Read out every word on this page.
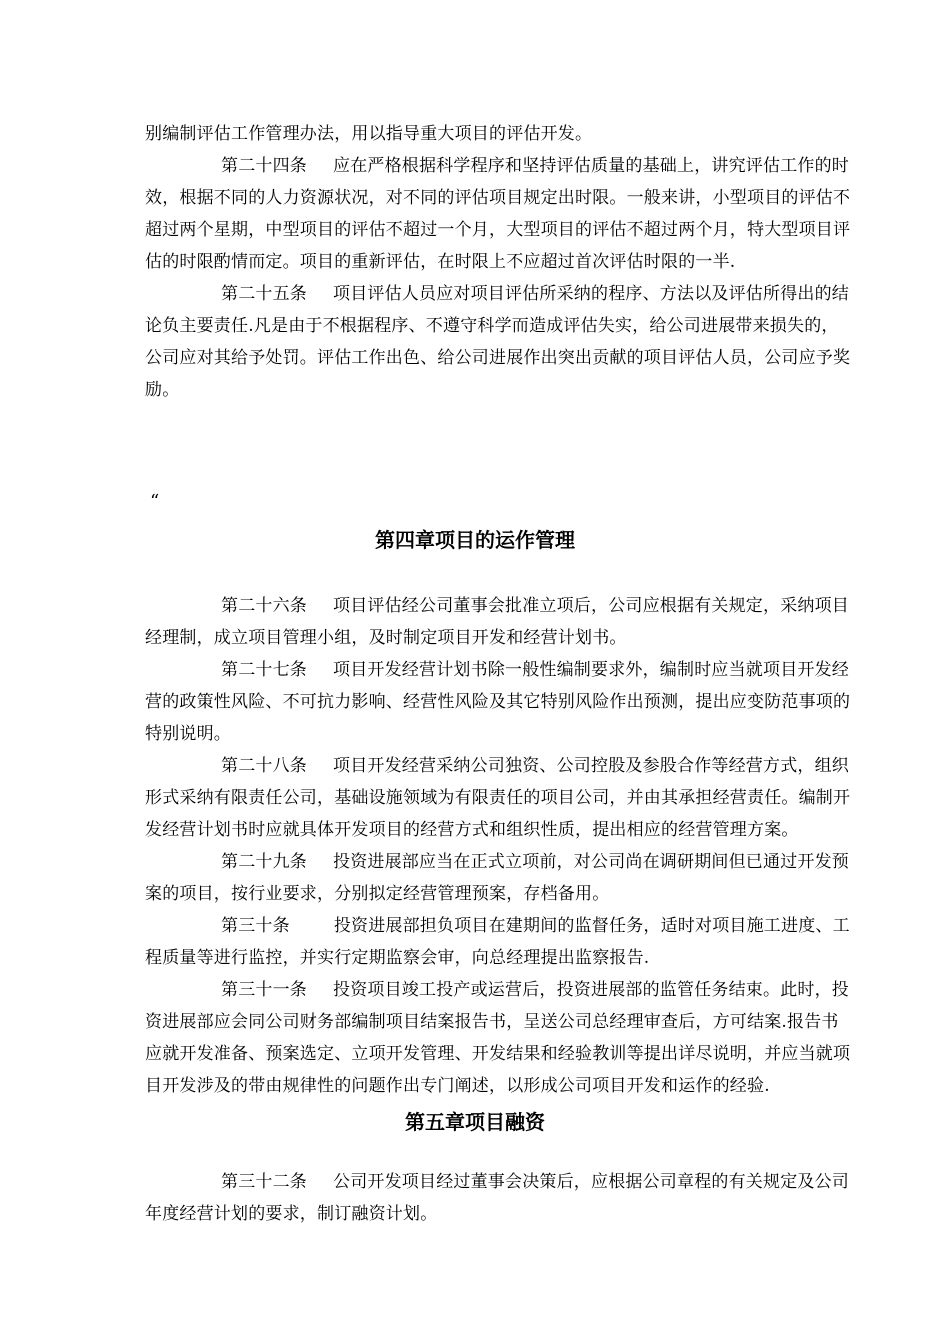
别编制评估工作管理办法，用以指导重大项目的评估开发。

第二十四条 应在严格根据科学程序和坚持评估质量的基础上，讲究评估工作的时效，根据不同的人力资源状况，对不同的评估项目规定出时限。一般来讲，小型项目的评估不超过两个星期，中型项目的评估不超过一个月，大型项目的评估不超过两个月，特大型项目评估的时限酌情而定。项目的重新评估，在时限上不应超过首次评估时限的一半.

第二十五条 项目评估人员应对项目评估所采纳的程序、方法以及评估所得出的结论负主要责任.凡是由于不根据程序、不遵守科学而造成评估失实，给公司进展带来损失的，公司应对其给予处罚。评估工作出色、给公司进展作出突出贡献的项目评估人员，公司应予奖励。

“
第四章项目的运作管理

第二十六条 项目评估经公司董事会批准立项后，公司应根据有关规定，采纳项目经理制，成立项目管理小组，及时制定项目开发和经营计划书。

第二十七条 项目开发经营计划书除一般性编制要求外，编制时应当就项目开发经营的政策性风险、不可抗力影响、经营性风险及其它特别风险作出预测，提出应变防范事项的特别说明。

第二十八条 项目开发经营采纳公司独资、公司控股及参股合作等经营方式，组织形式采纳有限责任公司，基础设施领域为有限责任的项目公司，并由其承担经营责任。编制开发经营计划书时应就具体开发项目的经营方式和组织性质，提出相应的经营管理方案。

第二十九条 投资进展部应当在正式立项前，对公司尚在调研期间但已通过开发预案的项目，按行业要求，分别拟定经营管理预案，存档备用。

第三十条	投资进展部担负项目在建期间的监督任务，适时对项目施工进度、工程质量等进行监控，并实行定期监察会审，向总经理提出监察报告.

第三十一条 投资项目竣工投产或运营后，投资进展部的监管任务结束。此时，投资进展部应会同公司财务部编制项目结案报告书，呈送公司总经理审查后，方可结案.报告书应就开发准备、预案选定、立项开发管理、开发结果和经验教训等提出详尽说明，并应当就项目开发涉及的带由规律性的问题作出专门阐述，以形成公司项目开发和运作的经验.

第五章项目融资

第三十二条 公司开发项目经过董事会决策后，应根据公司章程的有关规定及公司年度经营计划的要求，制订融资计划。
